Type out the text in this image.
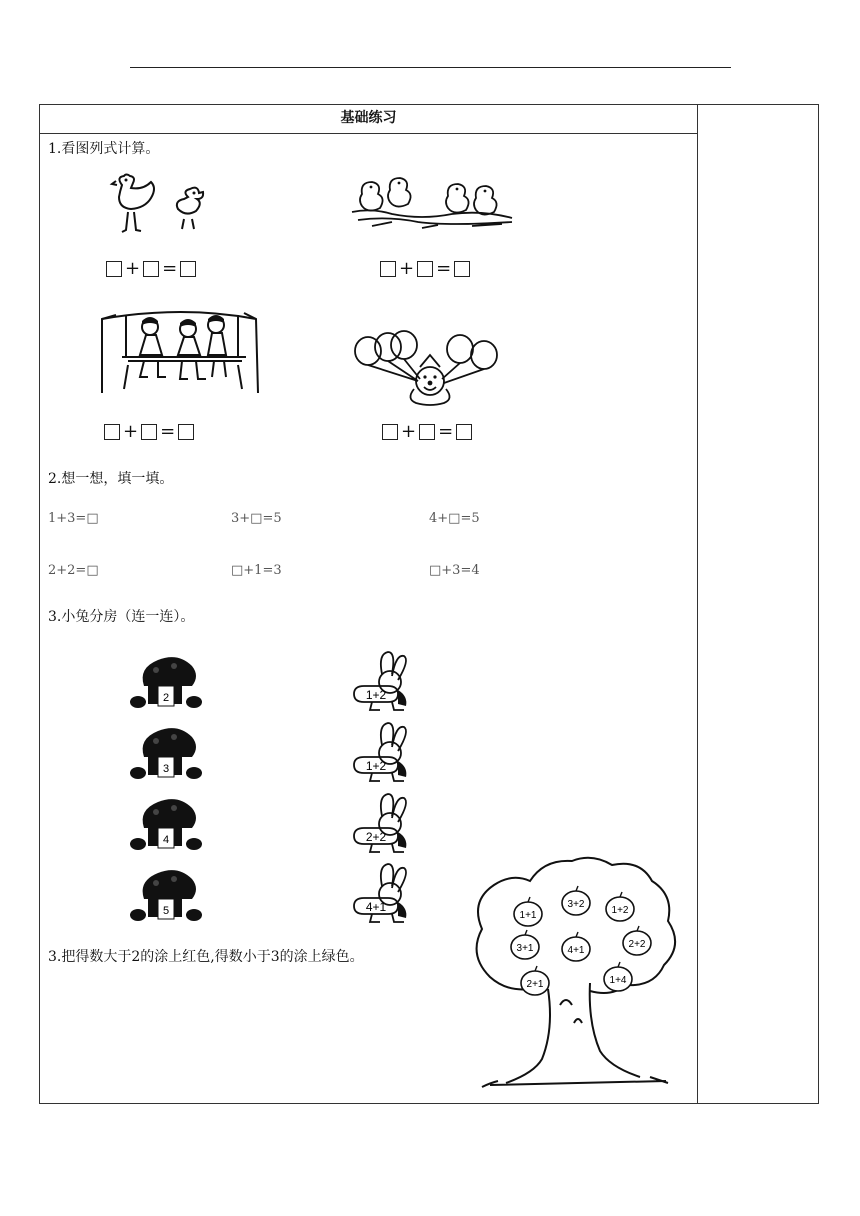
基础练习
1.看图列式计算。
+ =	+ =
+ =	+ =
2.想一想，填一填。
1+3=□	3+□=5	4+□=5
2+2=□	□+1=3	□+3=4
3.小兔分房（连一连）。
2
3
4
5
1+2
1+2
2+2
4+1
3.把得数大于2的涂上红色,得数小于3的涂上绿色。
1+1
3+2
1+2
3+1	4+1
2+2
2+1	1+4
